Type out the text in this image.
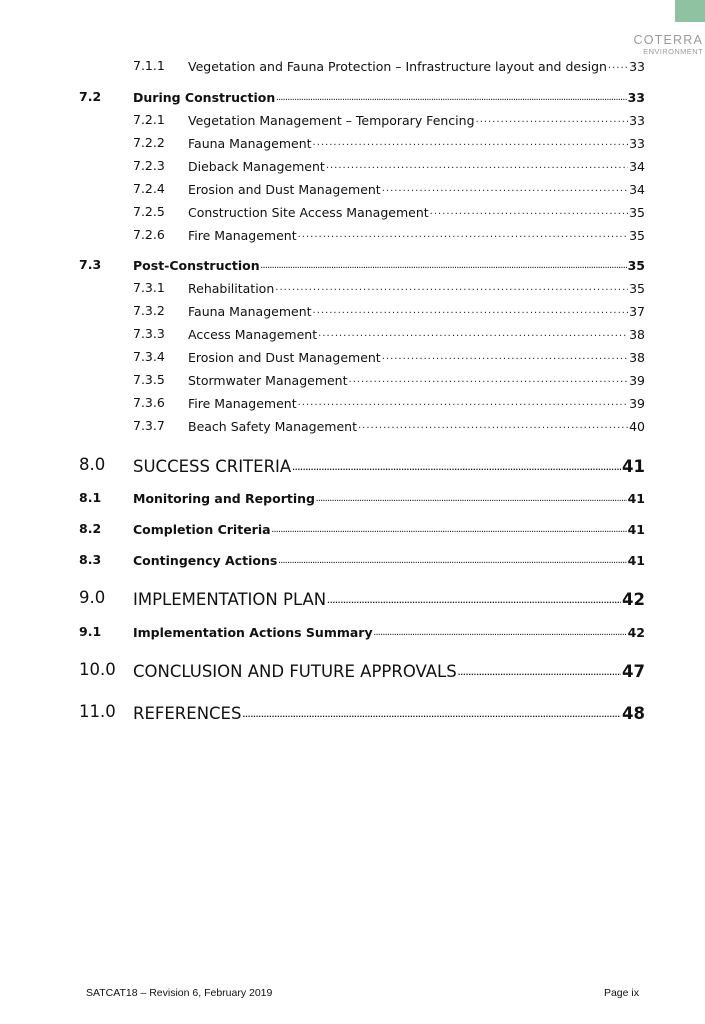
COTERRA
ENVIRONMENT
7.1.1 Vegetation and Fauna Protection – Infrastructure layout and design ..... 33
7.2	During Construction .....	33
7.2.1 Vegetation Management – Temporary Fencing .....	33
7.2.2 Fauna Management .....	33
7.2.3 Dieback Management .....	34
7.2.4 Erosion and Dust Management .....	34
7.2.5 Construction Site Access Management .....	35
7.2.6 Fire Management .....	35
7.3	Post-Construction .....	35
7.3.1 Rehabilitation .....	35
7.3.2 Fauna Management .....	37
7.3.3 Access Management .....	38
7.3.4 Erosion and Dust Management .....	38
7.3.5 Stormwater Management .....	39
7.3.6 Fire Management .....	39
7.3.7 Beach Safety Management .....	40
8.0 SUCCESS CRITERIA .....	41
8.1	Monitoring and Reporting .....	41
8.2	Completion Criteria .....	41
8.3	Contingency Actions .....	41
9.0 IMPLEMENTATION PLAN .....	42
9.1	Implementation Actions Summary .....	42
10.0 CONCLUSION AND FUTURE APPROVALS .....	47
11.0 REFERENCES .....	48
SATCAT18 – Revision 6, February 2019	Page ix
